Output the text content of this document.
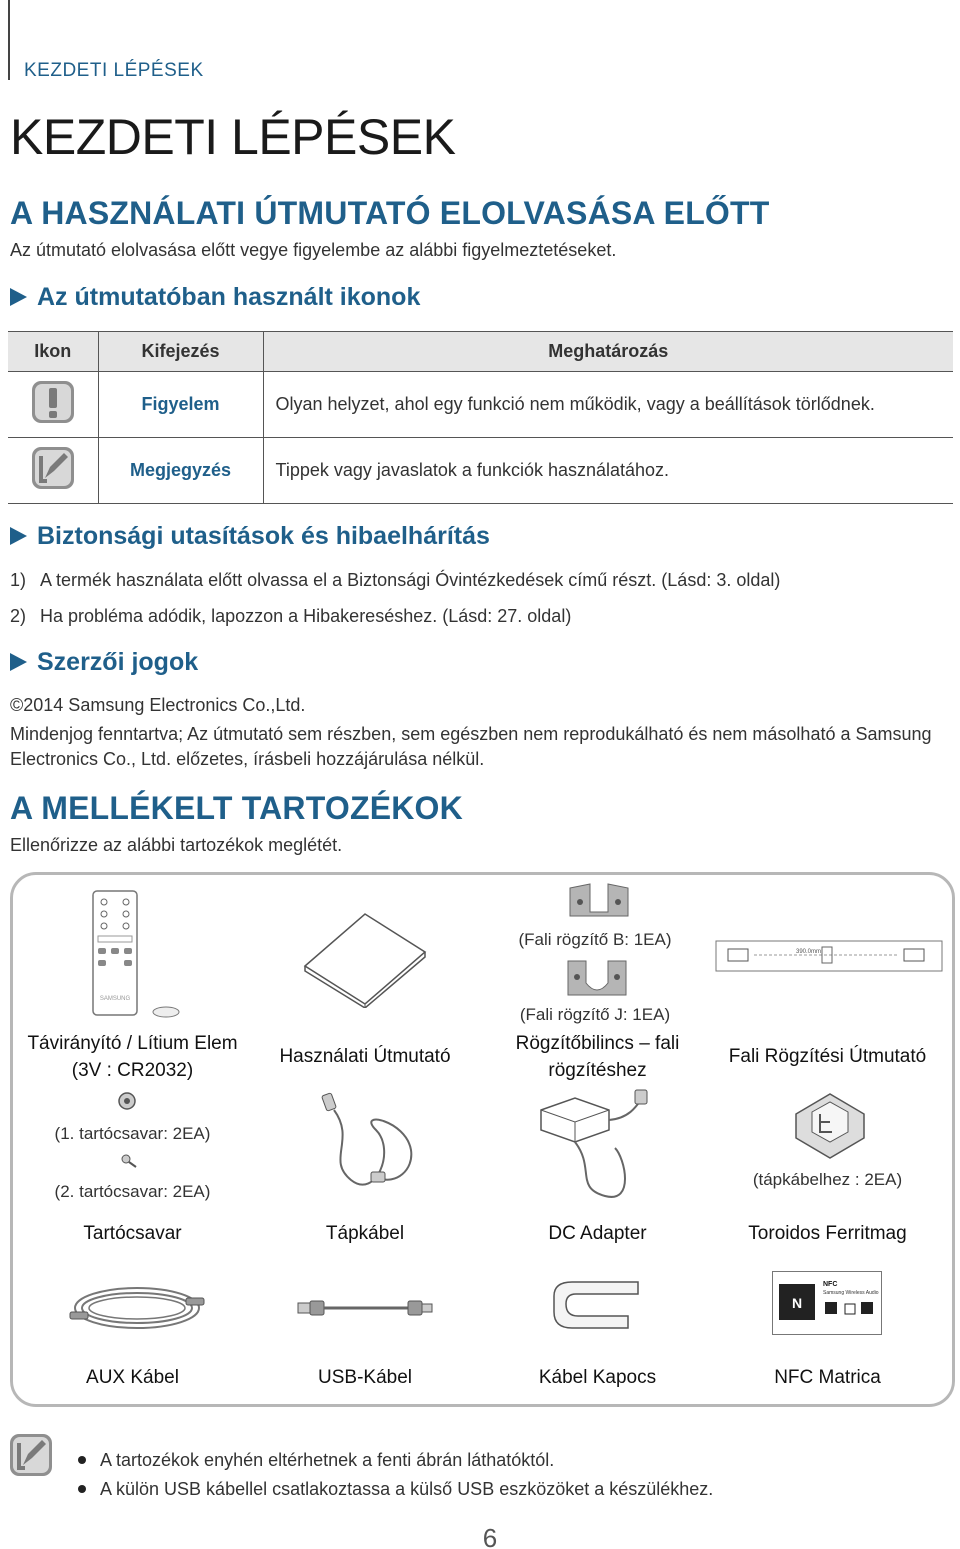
KEZDETI LÉPÉSEK
KEZDETI LÉPÉSEK
A HASZNÁLATI ÚTMUTATÓ ELOLVASÁSA ELŐTT

Az útmutató elolvasása előtt vegye figyelembe az alábbi figyelmeztetéseket.

Az útmutatóban használt ikonok
Ikon	Kifejezés	Meghatározás
	Figyelem	Olyan helyzet, ahol egy funkció nem működik, vagy a beállítások törlődnek.
	Megjegyzés	Tippek vagy javaslatok a funkciók használatához.
Biztonsági utasítások és hibaelhárítás

1) A termék használata előtt olvassa el a Biztonsági Óvintézkedések című részt. (Lásd: 3. oldal)

2) Ha probléma adódik, lapozzon a Hibakereséshez. (Lásd: 27. oldal)

Szerzői jogok

©2014 Samsung Electronics Co.,Ltd.

Mindenjog fenntartva; Az útmutató sem részben, sem egészben nem reprodukálható és nem másolható a Samsung

Electronics Co., Ltd. előzetes, írásbeli hozzájárulása nélkül.

A MELLÉKELT TARTOZÉKOK

Ellenőrizze az alábbi tartozékok meglétét.

SAMSUNG

(Fali rögzítő B: 1EA)

(Fali rögzítő J: 1EA)

390.0mm

Távirányító / Lítium Elem
(3V : CR2032)

Használati Útmutató

Rögzítőbilincs – fali
rögzítéshez

Fali Rögzítési Útmutató

(1. tartócsavar: 2EA)

(2. tartócsavar: 2EA)

(tápkábelhez : 2EA)

Tartócsavar	Tápkábel	DC Adapter	Toroidos Ferritmag

N
NFC
Samsung Wireless Audio

AUX Kábel	USB-Kábel	Kábel Kapocs	NFC Matrica

A tartozékok enyhén eltérhetnek a fenti ábrán láthatóktól.

A külön USB kábellel csatlakoztassa a külső USB eszközöket a készülékhez.

6
